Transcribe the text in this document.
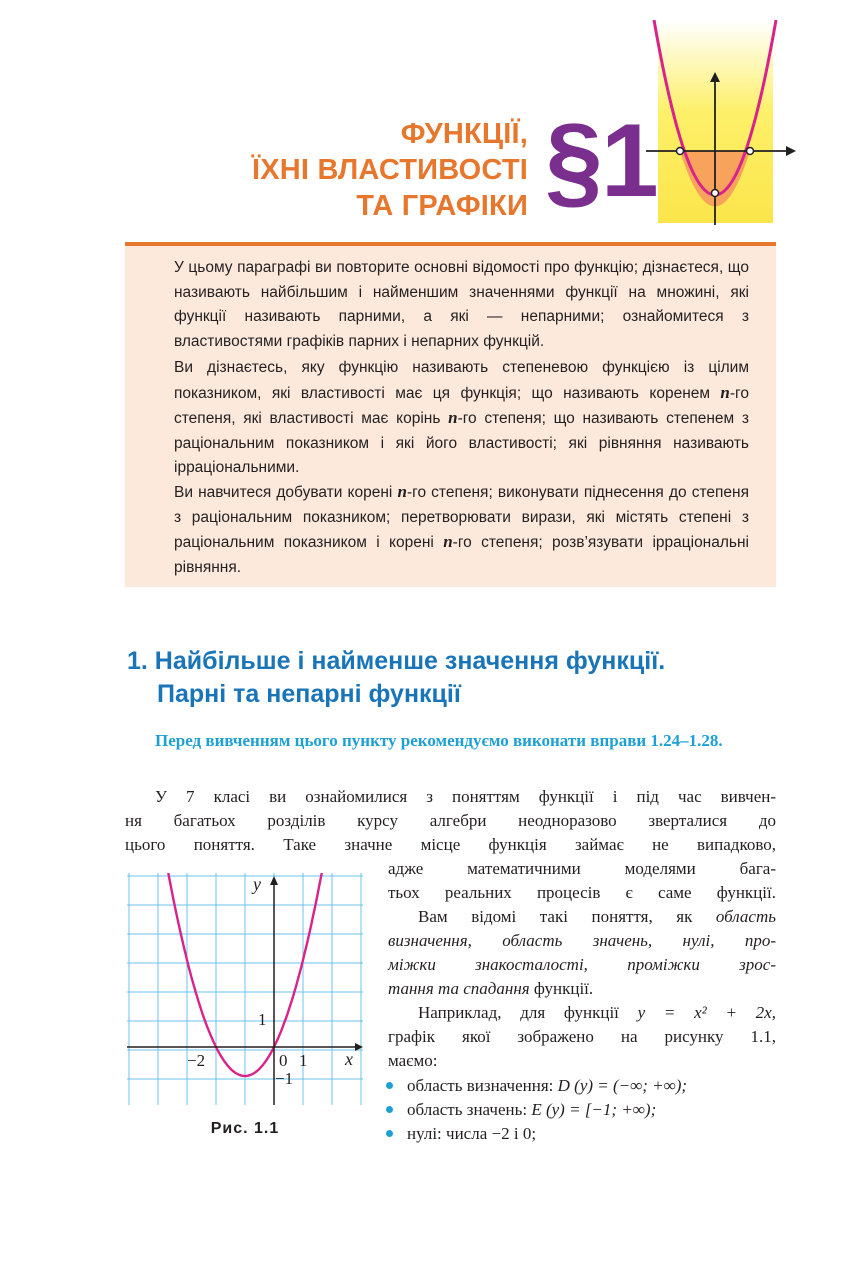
ФУНКЦІЇ,
ЇХНІ ВЛАСТИВОСТІ
ТА ГРАФІКИ §1

У цьому параграфі ви повторите основні відомості про функцію; дізнаєтеся, що називають найбільшим і найменшим значеннями функції на множині, які функції називають парними, а які — непарними; ознайомитеся з властивостями графіків парних і непарних функцій.

Ви дізнаєтесь, яку функцію називають степеневою функцією із цілим показником, які властивості має ця функція; що називають коренем n-го степеня, які властивості має корінь n-го степеня; що називають степенем з раціональним показником і які його властивості; які рівняння називають ірраціональними.

Ви навчитеся добувати корені n-го степеня; виконувати піднесення до степеня з раціональним показником; перетворювати вирази, які містять степені з раціональним показником і корені n-го степеня; розв’язувати ірраціональні рівняння.

1. Найбільше і найменше значення функції.
Парні та непарні функції

Перед вивченням цього пункту рекомендуємо виконати вправи 1.24–1.28.

У 7 класі ви ознайомилися з поняттям функції і під час вивчен-
ня багатьох розділів курсу алгебри неодноразово зверталися до
цього поняття. Таке значне місце функція займає не випадково,
адже математичними моделями бага-
тьох реальних процесів є саме функції.
Вам відомі такі поняття, як область
визначення, область значень, нулі, про-
міжки знакосталості, проміжки зрос-
тання та спадання функції.
Наприклад, для функції y = x² + 2x,
графік якої зображено на рисунку 1.1,
маємо:
область визначення: D (y) = (−∞; +∞);
область значень: E (y) = [−1; +∞);
нулі: числа −2 і 0;
y
x
−2	0 1
1
−1
Рис. 1.1
